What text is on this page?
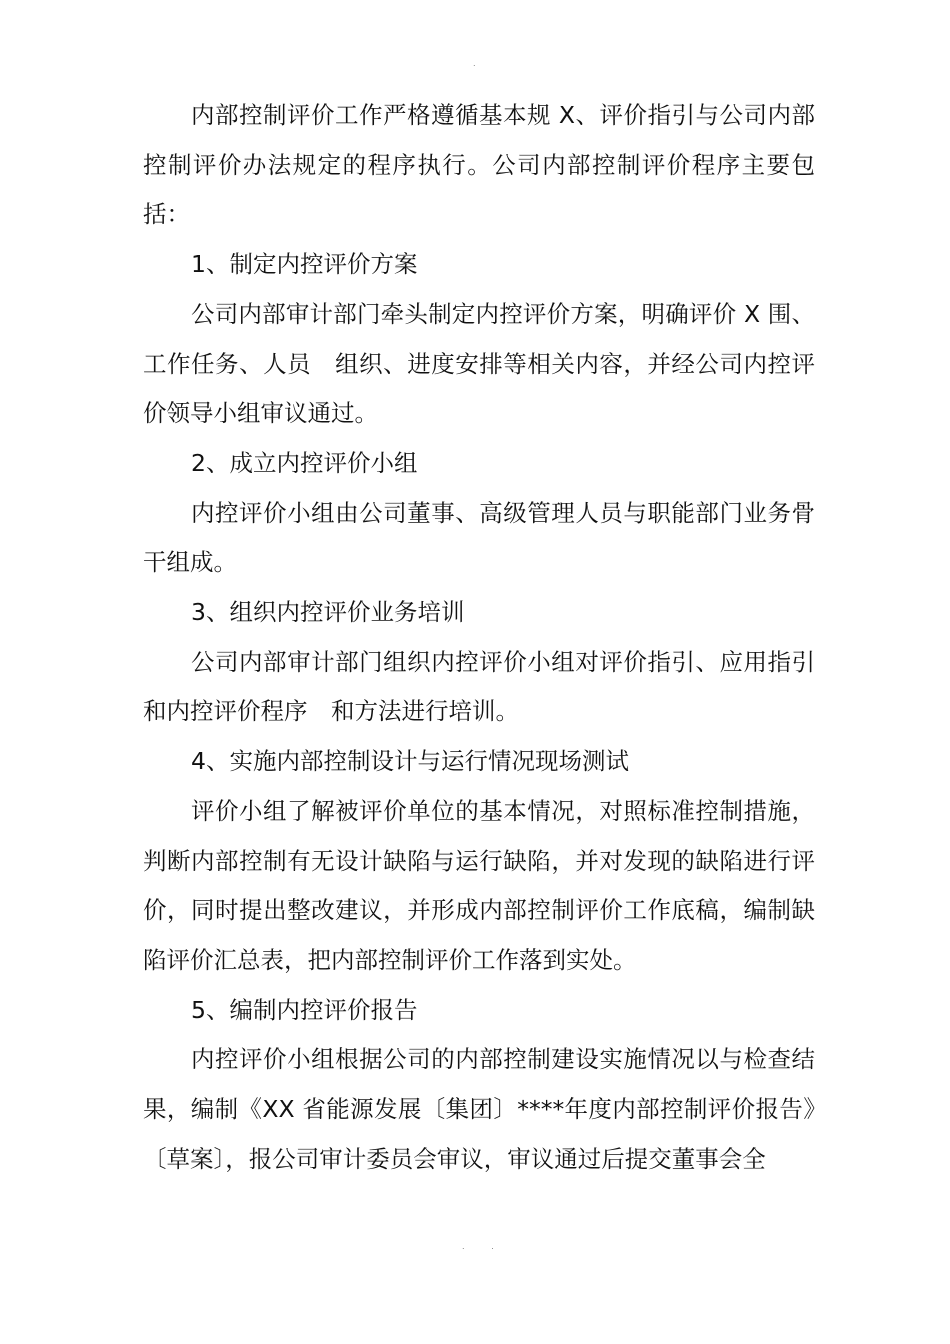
.

内部控制评价工作严格遵循基本规 X、评价指引与公司内部控制评价办法规定的程序执行。公司内部控制评价程序主要包括：

1、制定内控评价方案

公司内部审计部门牵头制定内控评价方案，明确评价 X 围、工作任务、人员　组织、进度安排等相关内容，并经公司内控评价领导小组审议通过。

2、成立内控评价小组

内控评价小组由公司董事、高级管理人员与职能部门业务骨干组成。

3、组织内控评价业务培训

公司内部审计部门组织内控评价小组对评价指引、应用指引和内控评价程序　和方法进行培训。

4、实施内部控制设计与运行情况现场测试

评价小组了解被评价单位的基本情况，对照标准控制措施，判断内部控制有无设计缺陷与运行缺陷，并对发现的缺陷进行评价，同时提出整改建议，并形成内部控制评价工作底稿，编制缺陷评价汇总表，把内部控制评价工作落到实处。

5、编制内控评价报告

内控评价小组根据公司的内部控制建设实施情况以与检查结果，编制《XX 省能源发展〔集团〕****年度内部控制评价报告》〔草案〕，报公司审计委员会审议，审议通过后提交董事会全

. .
